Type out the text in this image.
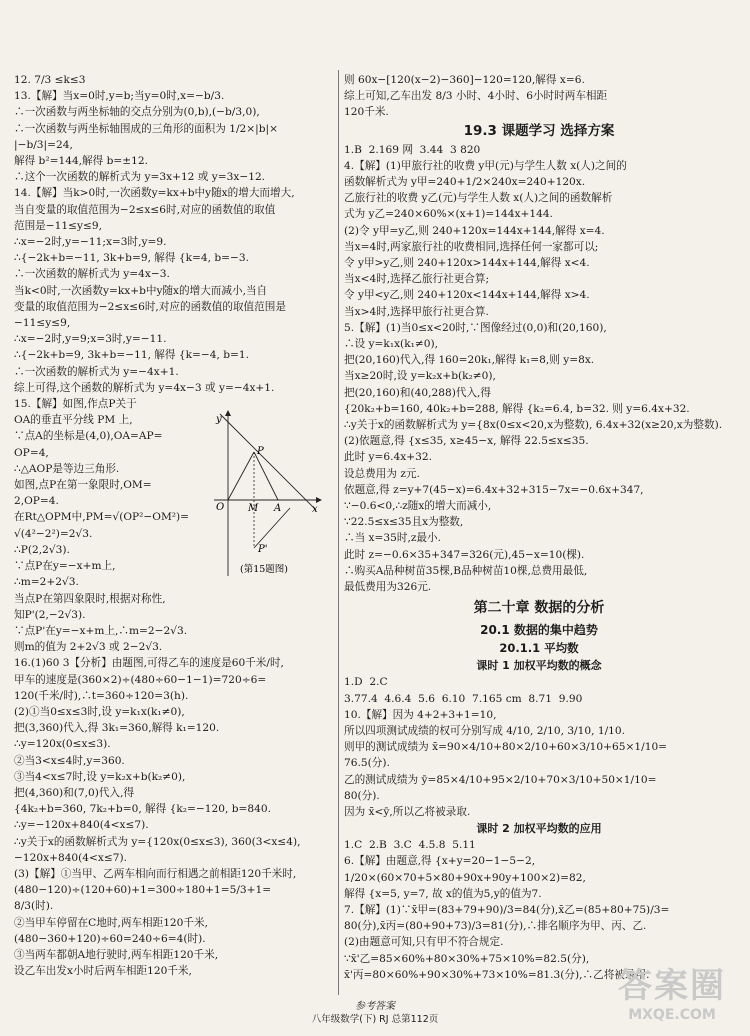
12. 7/3 ≤k≤3

13.【解】当x=0时,y=b;当y=0时,x=−b/3.

∴一次函数与两坐标轴的交点分别为(0,b),(−b/3,0),

∴一次函数与两坐标轴围成的三角形的面积为 1/2×|b|×

|−b/3|=24,

解得 b²=144,解得 b=±12.

∴这个一次函数的解析式为 y=3x+12 或 y=3x−12.

14.【解】当k>0时,一次函数y=kx+b中y随x的增大而增大,

当自变量的取值范围为−2≤x≤6时,对应的函数值的取值

范围是−11≤y≤9,

∴x=−2时,y=−11;x=3时,y=9.

∴{−2k+b=−11, 3k+b=9, 解得 {k=4, b=−3.

∴一次函数的解析式为 y=4x−3.

当k<0时,一次函数y=kx+b中y随x的增大而减小,当自

变量的取值范围为−2≤x≤6时,对应的函数值的取值范围是

−11≤y≤9,

∴x=−2时,y=9;x=3时,y=−11.

∴{−2k+b=9, 3k+b=−11, 解得 {k=−4, b=1.

∴一次函数的解析式为 y=−4x+1.

综上可得,这个函数的解析式为 y=4x−3 或 y=−4x+1.

15.【解】如图,作点P关于

OA的垂直平分线 PM 上,

∵点A的坐标是(4,0),OA=AP=

OP=4,

∴△AOP是等边三角形.

如图,点P在第一象限时,OM=

2,OP=4.

在Rt△OPM中,PM=√(OP²−OM²)=

√(4²−2²)=2√3.

∴P(2,2√3).

∵点P在y=−x+m上,

∴m=2+2√3.

当点P在第四象限时,根据对称性,

知P'(2,−2√3).

∵点P'在y=−x+m上,∴m=2−2√3.

则m的值为 2+2√3 或 2−2√3.

16.(1)60 3【分析】由题图,可得乙车的速度是60千米/时,

甲车的速度是(360×2)÷(480÷60−1−1)=720÷6=

120(千米/时),∴t=360÷120=3(h).

(2)①当0≤x≤3时,设 y=k₁x(k₁≠0),

把(3,360)代入,得 3k₁=360,解得 k₁=120.

∴y=120x(0≤x≤3).

②当3<x≤4时,y=360.

③当4<x≤7时,设 y=k₂x+b(k₂≠0),

把(4,360)和(7,0)代入,得

{4k₂+b=360, 7k₂+b=0, 解得 {k₂=−120, b=840.

∴y=−120x+840(4<x≤7).

∴y关于x的函数解析式为 y={120x(0≤x≤3), 360(3<x≤4), −120x+840(4<x≤7).

(3)【解】①当甲、乙两车相向而行相遇之前相距120千米时,

(480−120)÷(120+60)+1=300÷180+1=5/3+1=

8/3(时).

②当甲车停留在C地时,两车相距120千米,

(480−360+120)÷60=240÷6=4(时).

③当两车都朝A地行驶时,两车相距120千米,

设乙车出发x小时后两车相距120千米,

y
x
O M A
P
P'
(第15题图)

则 60x−[120(x−2)−360]−120=120,解得 x=6.

综上可知,乙车出发 8/3 小时、4小时、6小时时两车相距

120千米.

19.3 课题学习 选择方案

1.B  2.169 网  3.44  3 820

4.【解】(1)甲旅行社的收费 y甲(元)与学生人数 x(人)之间的

函数解析式为 y甲=240+1/2×240x=240+120x.

乙旅行社的收费 y乙(元)与学生人数 x(人)之间的函数解析

式为 y乙=240×60%×(x+1)=144x+144.

(2)令 y甲=y乙,则 240+120x=144x+144,解得 x=4.

当x=4时,两家旅行社的收费相同,选择任何一家都可以;

令 y甲>y乙,则 240+120x>144x+144,解得 x<4.

当x<4时,选择乙旅行社更合算;

令 y甲<y乙,则 240+120x<144x+144,解得 x>4.

当x>4时,选择甲旅行社更合算.

5.【解】(1)当0≤x<20时,∵图像经过(0,0)和(20,160),

∴设 y=k₁x(k₁≠0),

把(20,160)代入,得 160=20k₁,解得 k₁=8,则 y=8x.

当x≥20时,设 y=k₂x+b(k₂≠0),

把(20,160)和(40,288)代入,得

{20k₂+b=160, 40k₂+b=288, 解得 {k₂=6.4, b=32. 则 y=6.4x+32.

∴y关于x的函数解析式为 y={8x(0≤x<20,x为整数), 6.4x+32(x≥20,x为整数).

(2)依题意,得 {x≤35, x≥45−x, 解得 22.5≤x≤35.

此时 y=6.4x+32.

设总费用为 z元.

依题意,得 z=y+7(45−x)=6.4x+32+315−7x=−0.6x+347,

∵−0.6<0,∴z随x的增大而减小,

∵22.5≤x≤35且x为整数,

∴当 x=35时,z最小.

此时 z=−0.6×35+347=326(元),45−x=10(棵).

∴购买A品种树苗35棵,B品种树苗10棵,总费用最低,

最低费用为326元.

第二十章 数据的分析
20.1 数据的集中趋势
20.1.1 平均数
课时 1 加权平均数的概念

1.D  2.C

3.77.4  4.6.4  5.6  6.10  7.165 cm  8.71  9.90

10.【解】因为 4+2+3+1=10,

所以四项测试成绩的权可分别写成 4/10, 2/10, 3/10, 1/10.

则甲的测试成绩为 x̄=90×4/10+80×2/10+60×3/10+65×1/10=

76.5(分).

乙的测试成绩为 ȳ=85×4/10+95×2/10+70×3/10+50×1/10=

80(分).

因为 x̄<ȳ,所以乙将被录取.

课时 2 加权平均数的应用

1.C  2.B  3.C  4.5.8  5.11

6.【解】由题意,得 {x+y=20−1−5−2, 1/20×(60×70+5×80+90x+90y+100×2)=82,

解得 {x=5, y=7, 故 x的值为5,y的值为7.

7.【解】(1)∵x̄甲=(83+79+90)/3=84(分),x̄乙=(85+80+75)/3=

80(分),x̄丙=(80+90+73)/3=81(分),∴排名顺序为甲、丙、乙.

(2)由题意可知,只有甲不符合规定.

∵x̄'乙=85×60%+80×30%+75×10%=82.5(分),

x̄'丙=80×60%+90×30%+73×10%=81.3(分),∴乙将被录用.

参考答案
八年级数学(下) RJ 总第112页
答案圈
MXQE.COM
